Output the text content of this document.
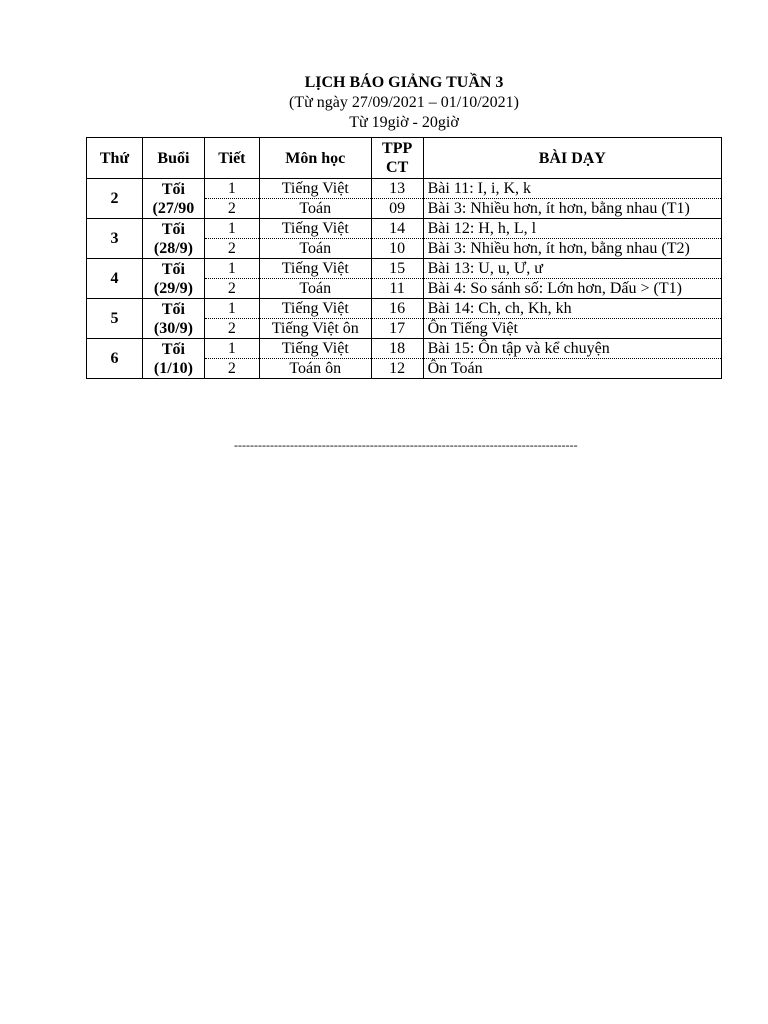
LỊCH BÁO GIẢNG TUẦN 3
(Từ ngày 27/09/2021 – 01/10/2021)
Từ 19giờ - 20giờ
Thứ	Buổi	Tiết	Môn học	TPP CT	BÀI DẠY
2	Tối (27/90	1	Tiếng Việt	13	Bài 11: I, i, K, k
		2	Toán	09	Bài 3: Nhiều hơn, ít hơn, bằng nhau (T1)
3	Tối (28/9)	1	Tiếng Việt	14	Bài 12: H, h, L, l
		2	Toán	10	Bài 3: Nhiều hơn, ít hơn, bằng nhau (T2)
4	Tối (29/9)	1	Tiếng Việt	15	Bài 13: U, u, Ư, ư
		2	Toán	11	Bài 4: So sánh số: Lớn hơn, Dấu > (T1)
5	Tối (30/9)	1	Tiếng Việt	16	Bài 14: Ch, ch, Kh, kh
		2	Tiếng Việt ôn	17	Ôn Tiếng Việt
6	Tối (1/10)	1	Tiếng Việt	18	Bài 15: Ôn tập và kể chuyện
		2	Toán ôn	12	Ôn Toán
--------------------------------------------------------------------------------------
